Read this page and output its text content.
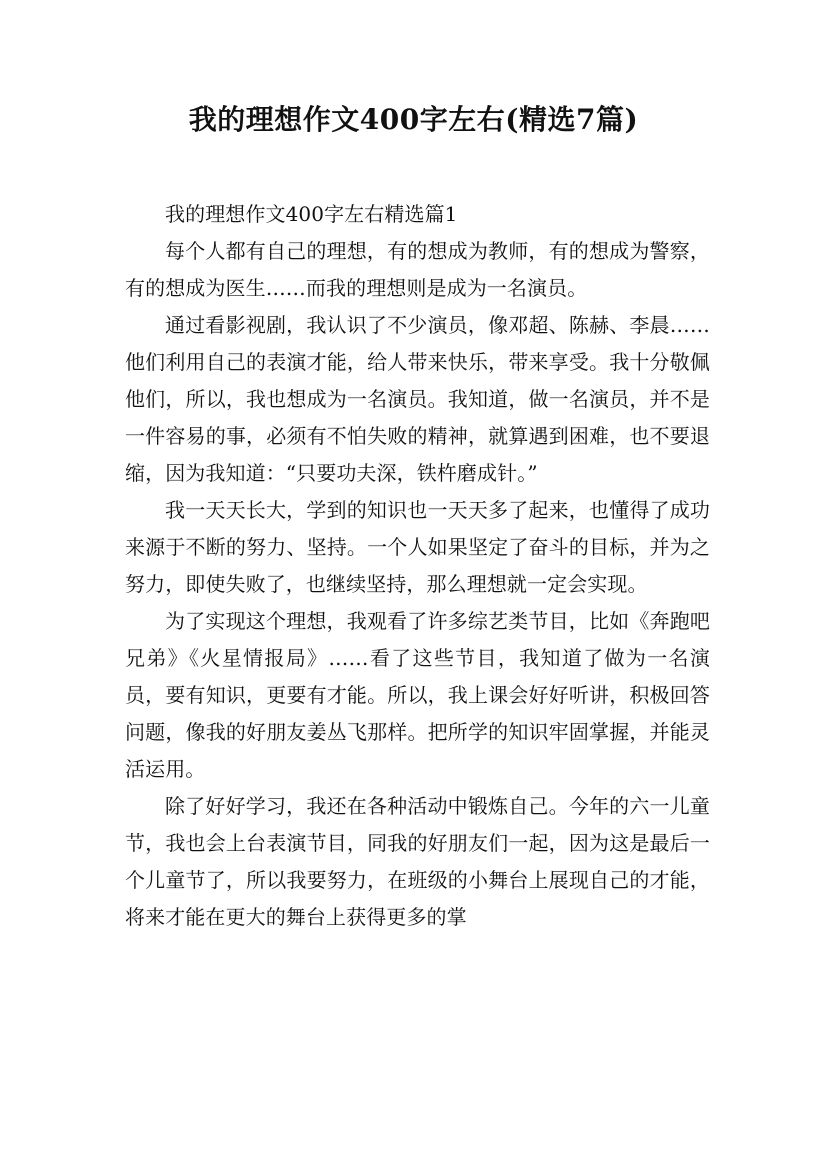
我的理想作文400字左右(精选7篇)

我的理想作文400字左右精选篇1

每个人都有自己的理想，有的想成为教师，有的想成为警察，有的想成为医生……而我的理想则是成为一名演员。

通过看影视剧，我认识了不少演员，像邓超、陈赫、李晨……他们利用自己的表演才能，给人带来快乐，带来享受。我十分敬佩他们，所以，我也想成为一名演员。我知道，做一名演员，并不是一件容易的事，必须有不怕失败的精神，就算遇到困难，也不要退缩，因为我知道：“只要功夫深，铁杵磨成针。”

我一天天长大，学到的知识也一天天多了起来，也懂得了成功来源于不断的努力、坚持。一个人如果坚定了奋斗的目标，并为之努力，即使失败了，也继续坚持，那么理想就一定会实现。

为了实现这个理想，我观看了许多综艺类节目，比如《奔跑吧兄弟》《火星情报局》……看了这些节目，我知道了做为一名演员，要有知识，更要有才能。所以，我上课会好好听讲，积极回答问题，像我的好朋友姜丛飞那样。把所学的知识牢固掌握，并能灵活运用。

除了好好学习，我还在各种活动中锻炼自己。今年的六一儿童节，我也会上台表演节目，同我的好朋友们一起，因为这是最后一个儿童节了，所以我要努力，在班级的小舞台上展现自己的才能，将来才能在更大的舞台上获得更多的掌
